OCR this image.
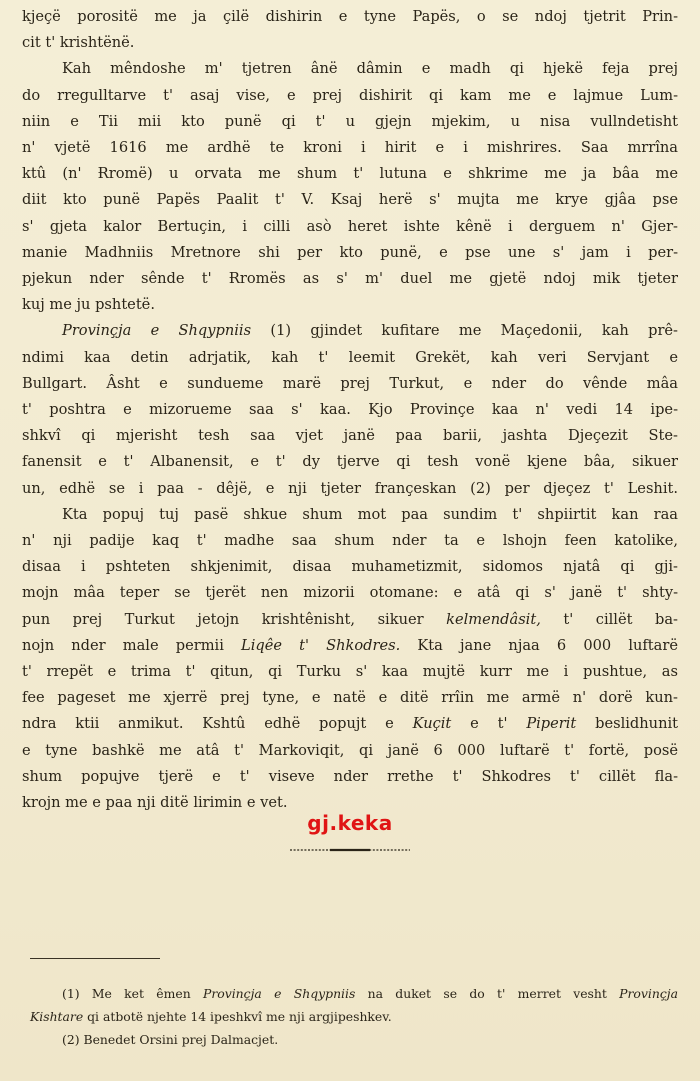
kjeçë porositë me ja çilë dishirin e tyne Papës, o se ndoj tjetrit Prin-
cit t' krishtënë.
Kah mêndoshe m' tjetren ânë dâmin e madh qi hjekë feja prej
do rregulltarve t' asaj vise, e prej dishirit qi kam me e lajmue Lum-
niin e Tii mii kto punë qi t' u gjejn mjekim, u nisa vullndetisht
n' vjetë 1616 me ardhë te kroni i hirit e i mishrires. Saa mrrîna
ktû (n' Ɍromë) u orvata me shum t' lutuna e shkrime me ja bâa me
diit kto punë Papës Paalit t' V. Ksaj herë s' mujta me krye gjâa pse
s' gjeta kalor Bertuçin, i cilli asò heret ishte kênë i derguem n' Gjer-
manie Madhniis Mretnore shi per kto punë, e pse une s' jam i per-
pjekun nder sênde t' Ɍromës as s' m' duel me gjetë ndoj mik tjeter
kuj me ju pshtetë.
Provinçja e Shqypniis (1) gjindet kufitare me Maçedonii, kah prê-
ndimi kaa detin adrjatik, kah t' leemit Grekët, kah veri Servjant e
Bullgart. Âsht e sundueme marë prej Turkut, e nder do vênde mâa
t' poshtra e mizorueme saa s' kaa. Kjo Provinçe kaa n' vedi 14 ipe-
shkvî qi mjerisht tesh saa vjet janë paa barii, jashta Djeçezit Ste-
fanensit e t' Albanensit, e t' dy tjerve qi tesh vonë kjene bâa, sikuer
un, edhë se i paa - dêjë, e nji tjeter françeskan (2) per djeçez t' Leshit.
Kta popuj tuj pasë shkue shum mot paa sundim t' shpiirtit kan raa
n' nji padije kaq t' madhe saa shum nder ta e lshojn feen katolike,
disaa i pshteten shkjenimit, disaa muhametizmit, sidomos njatâ qi gji-
mojn mâa teper se tjerët nen mizorii otomane: e atâ qi s' janë t' shty-
pun prej Turkut jetojn krishtênisht, sikuer kelmendâsit, t' cillët ba-
nojn nder male permii Liqêe t' Shkodres. Kta jane njaa 6 000 luftarë
t' rrepët e trima t' qitun, qi Turku s' kaa mujtë kurr me i pushtue, as
fee pageset me xjerrë prej tyne, e natë e ditë rrîin me armë n' dorë kun-
ndra ktii anmikut. Kshtû edhë popujt e Kuçit e t' Piperit beslidhunit
e tyne bashkë me atâ t' Markoviqit, qi janë 6 000 luftarë t' fortë, posë
shum popujve tjerë e t' viseve nder rrethe t' Shkodres t' cillët fla-
krojn me e paa nji ditë lirimin e vet.
gj.keka
(1) Me ket êmen Provinçja e Shqypniis na duket se do t' merret vesht Provinçja
Kishtare qi atbotë njehte 14 ipeshkvî me nji argjipeshkev.
(2) Benedet Orsini prej Dalmacjet.
